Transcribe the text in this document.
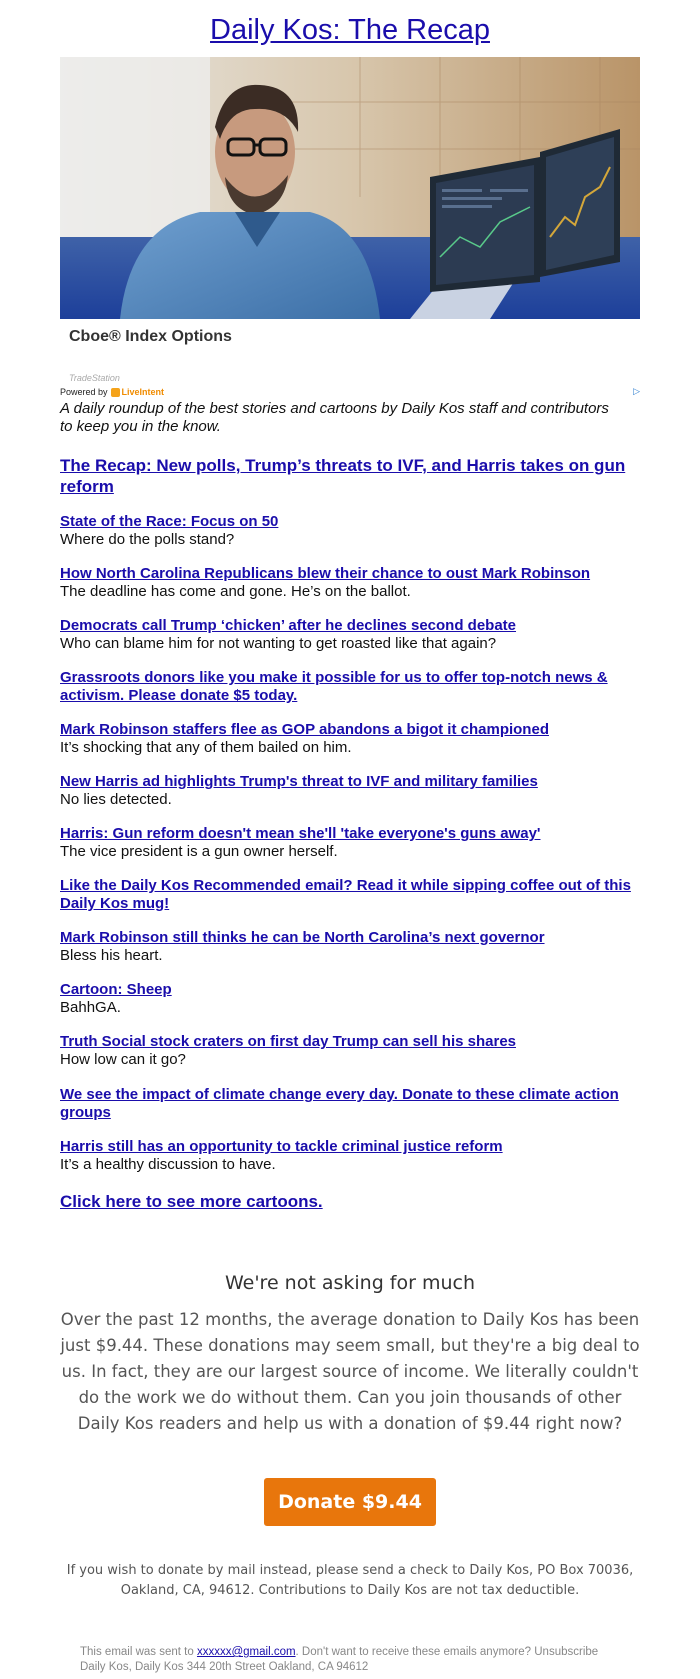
Daily Kos: The Recap
Cboe® Index Options
TradeStation
Powered by LiveIntent	▷
A daily roundup of the best stories and cartoons by Daily Kos staff and contributors to keep you in the know.
The Recap: New polls, Trump’s threats to IVF, and Harris takes on gun reform
State of the Race: Focus on 50
Where do the polls stand?
How North Carolina Republicans blew their chance to oust Mark Robinson
The deadline has come and gone. He’s on the ballot.
Democrats call Trump ‘chicken’ after he declines second debate
Who can blame him for not wanting to get roasted like that again?
Grassroots donors like you make it possible for us to offer top-notch news & activism. Please donate $5 today.
Mark Robinson staffers flee as GOP abandons a bigot it championed
It’s shocking that any of them bailed on him.
New Harris ad highlights Trump's threat to IVF and military families
No lies detected.
Harris: Gun reform doesn't mean she'll 'take everyone's guns away'
The vice president is a gun owner herself.
Like the Daily Kos Recommended email? Read it while sipping coffee out of this Daily Kos mug!
Mark Robinson still thinks he can be North Carolina’s next governor
Bless his heart.
Cartoon: Sheep
BahhGA.
Truth Social stock craters on first day Trump can sell his shares
How low can it go?
We see the impact of climate change every day. Donate to these climate action groups
Harris still has an opportunity to tackle criminal justice reform
It’s a healthy discussion to have.
Click here to see more cartoons.
We're not asking for much
Over the past 12 months, the average donation to Daily Kos has been just $9.44. These donations may seem small, but they're a big deal to us. In fact, they are our largest source of income. We literally couldn't do the work we do without them. Can you join thousands of other Daily Kos readers and help us with a donation of $9.44 right now?
Donate $9.44
If you wish to donate by mail instead, please send a check to Daily Kos, PO Box 70036, Oakland, CA, 94612. Contributions to Daily Kos are not tax deductible.
This email was sent to xxxxxx@gmail.com. Don't want to receive these emails anymore? Unsubscribe
Daily Kos, Daily Kos 344 20th Street Oakland, CA 94612
